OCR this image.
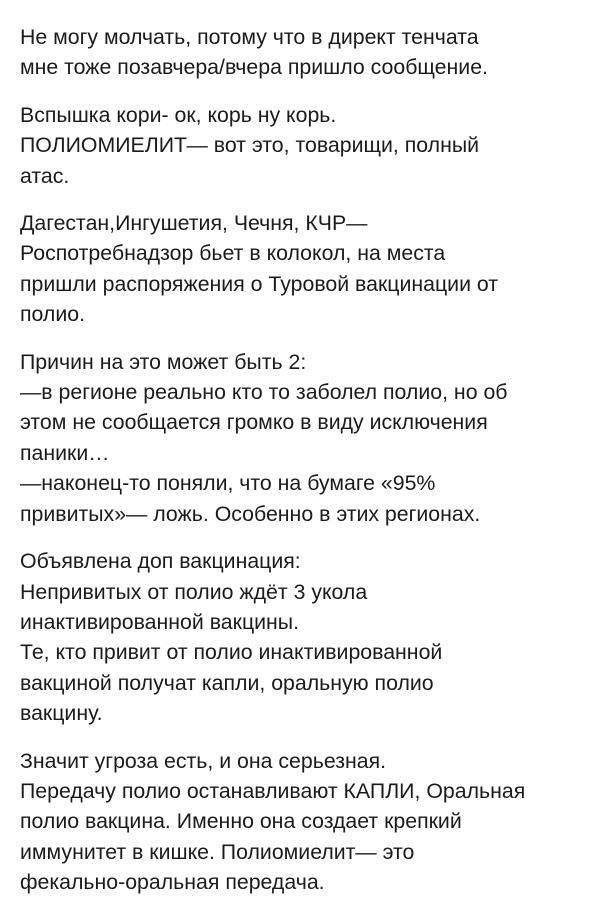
Не могу молчать, потому что в директ тенчата
мне тоже позавчера/вчера пришло сообщение.

Вспышка кори- ок, корь ну корь.
ПОЛИОМИЕЛИТ— вот это, товарищи, полный
атас.

Дагестан,Ингушетия, Чечня, КЧР—
Роспотребнадзор бьет в колокол, на места
пришли распоряжения о Туровой вакцинации от
полио.

Причин на это может быть 2:
—в регионе реально кто то заболел полио, но об
этом не сообщается громко в виду исключения
паники…
—наконец-то поняли, что на бумаге «95%
привитых»— ложь. Особенно в этих регионах.

Объявлена доп вакцинация:
Непривитых от полио ждёт 3 укола
инактивированной вакцины.
Те, кто привит от полио инактивированной
вакциной получат капли, оральную полио
вакцину.

Значит угроза есть, и она серьезная.
Передачу полио останавливают КАПЛИ, Оральная
полио вакцина. Именно она создает крепкий
иммунитет в кишке. Полиомиелит— это
фекально-оральная передача.
